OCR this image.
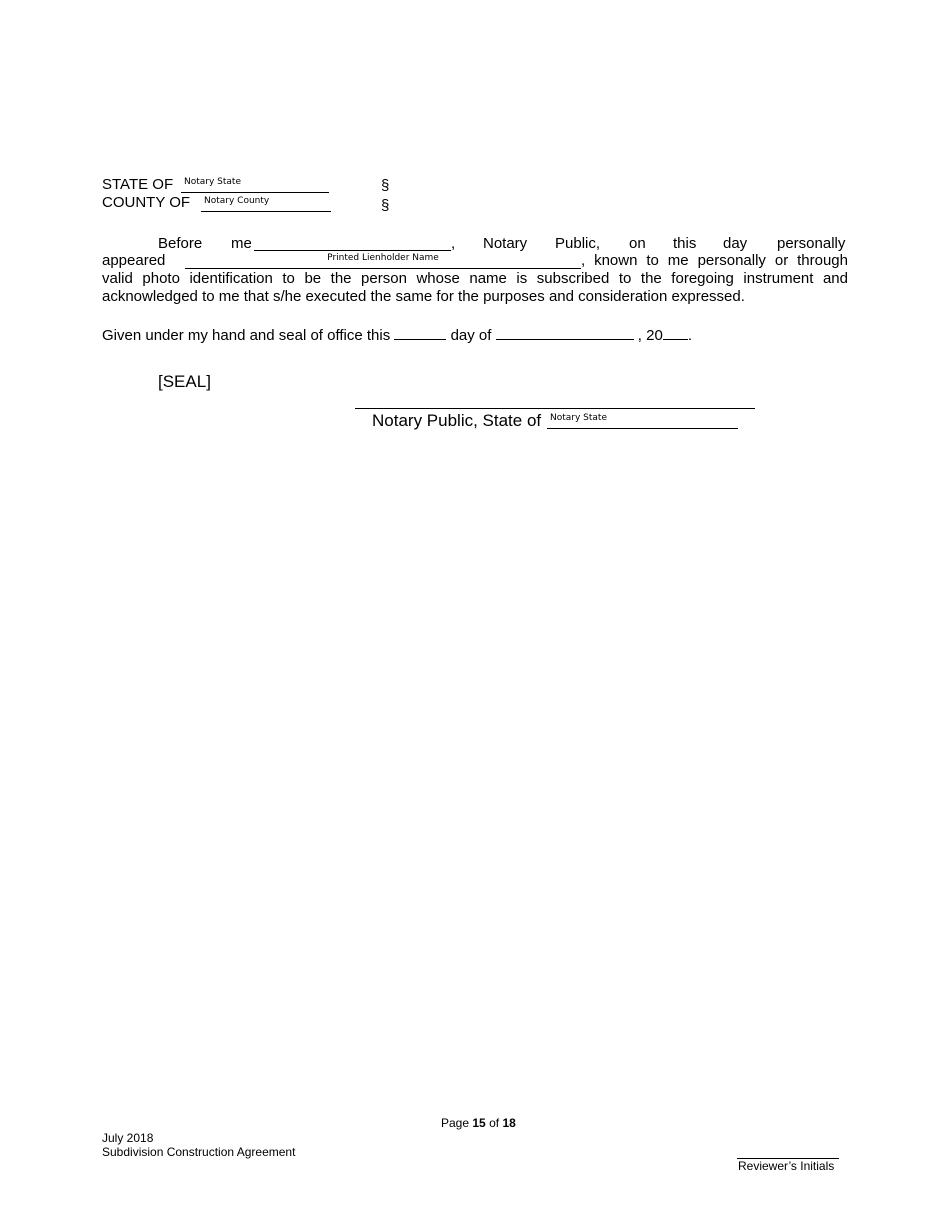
STATE OF Notary State	§
COUNTY OF Notary County	§
Before me	, Notary Public, on this day personally
appeared	Printed Lienholder Name	, known to me personally or through
valid photo identification to be the person whose name is subscribed to the foregoing instrument and
acknowledged to me that s/he executed the same for the purposes and consideration expressed.
Given under my hand and seal of office this	day of	, 20 .
[SEAL]
Notary Public, State of Notary State
Page 15 of 18
July 2018
Subdivision Construction Agreement
Reviewer’s Initials
